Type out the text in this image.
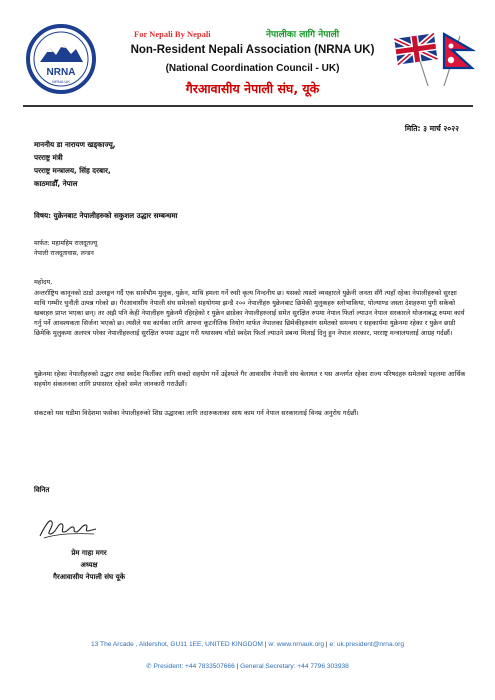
NRNA
NRNA UK
For Nepali By Nepali	नेपालीका लागि नेपाली
Non-Resident Nepali Association (NRNA UK)
(National Coordination Council - UK)
गैरआवासीय नेपाली संघ, यूके
मिति: ३ मार्च २०२२
माननीय डा नारायण खड्काज्यू,
परराष्ट्र मंत्री
परराष्ट्र मन्त्रालय, सिंह दरबार,
काठमाडौँ, नेपाल
विषय: युक्रेनबाट नेपालीहरुको सकुशल उद्धार सम्बन्धमा
मार्फत: महामहिम राजदूतज्यू
नेपाली राजदूतावास, लन्डन
महोदय,
अन्तर्राष्ट्रिय कानूनको ठाडो उल्लङ्घन गर्दै एक सार्वभौम मुलुक, युक्रेन, माथि हमला गर्ने रुसी कृत्य निन्दनीय छ। यसको त्यस्तो व्यवहारले युक्रेनी जनता सँगै त्यहाँ रहेका नेपालीहरुको सुरक्षा माथि गम्भीर चुनौती उत्पन्न गरेको छ। गैरआवासीय नेपाली संघ समेतको सहयोगमा झन्डै २०० नेपालीहरु युक्रेनबाट छिमेकी मुलुकहरु स्लोभाकिया, पोल्याण्ड जस्ता देशहरुमा पुगी सकेको खबरहरु प्राप्त भएका छन्। तर अझै पनि केही नेपालीहरु युक्रेनमै रहिरहेको र युक्रेन छाडेका नेपालीहरुलाई समेत सुरक्षित रुपमा नेपाल फिर्ता ल्याउन नेपाल सरकारले योजनाबद्ध रुपमा कार्य गर्नु पर्ने आवश्यकता सिर्जना भएको छ। त्यसैले यस कार्यका लागि आफ्ना कूटनीतिक नियोग मार्फत नेपालका छिमेकीहरुसंग समेतको समन्वय र सहकार्यमा युक्रेनमा रहेका र युक्रेन छाडी छिमेकि मुलुकमा अलपत्र परेका नेपालीहरुलाई सुरक्षित रुपमा उद्धार गरी यथासक्य चाँडो स्वदेश फिर्ता ल्याउने प्रबन्ध मिलाई दिनु हुन नेपाल सरकार, परराष्ट्र मन्त्रालयलाई आग्रह गर्दछौं।
युक्रेनमा रहेका नेपालीहरुको उद्धार तथा स्वदेश फिर्तीका लागि सक्दो सहयोग गर्ने उद्देश्यले गैर आवासीय नेपाली संघ बेलायत र यस अन्तर्गत रहेका राज्य परिषदहरु समेतको पहलमा आर्थिक सहयोग संकलनका लागि प्रयासरत रहेको समेत जानकारी गराउँछौं।
संकटको यस घडीमा विदेशमा फसेका नेपालीहरुको शिघ्र उद्धारका लागि तदारुकताका साथ काम गर्न नेपाल सरकारलाई विनम्र अनुरोध गर्दछौं।
विनित
प्रेम गाहा मगर
अध्यक्ष
गैरआवासीय नेपाली संघ यूके
13 The Arcade , Aldershot, GU11 1EE, UNITED KINGDOM | w: www.nrnauk.org | e: uk.president@nrna.org
✆ President: +44 7833507666 | General Secretary: +44 7796 303938
